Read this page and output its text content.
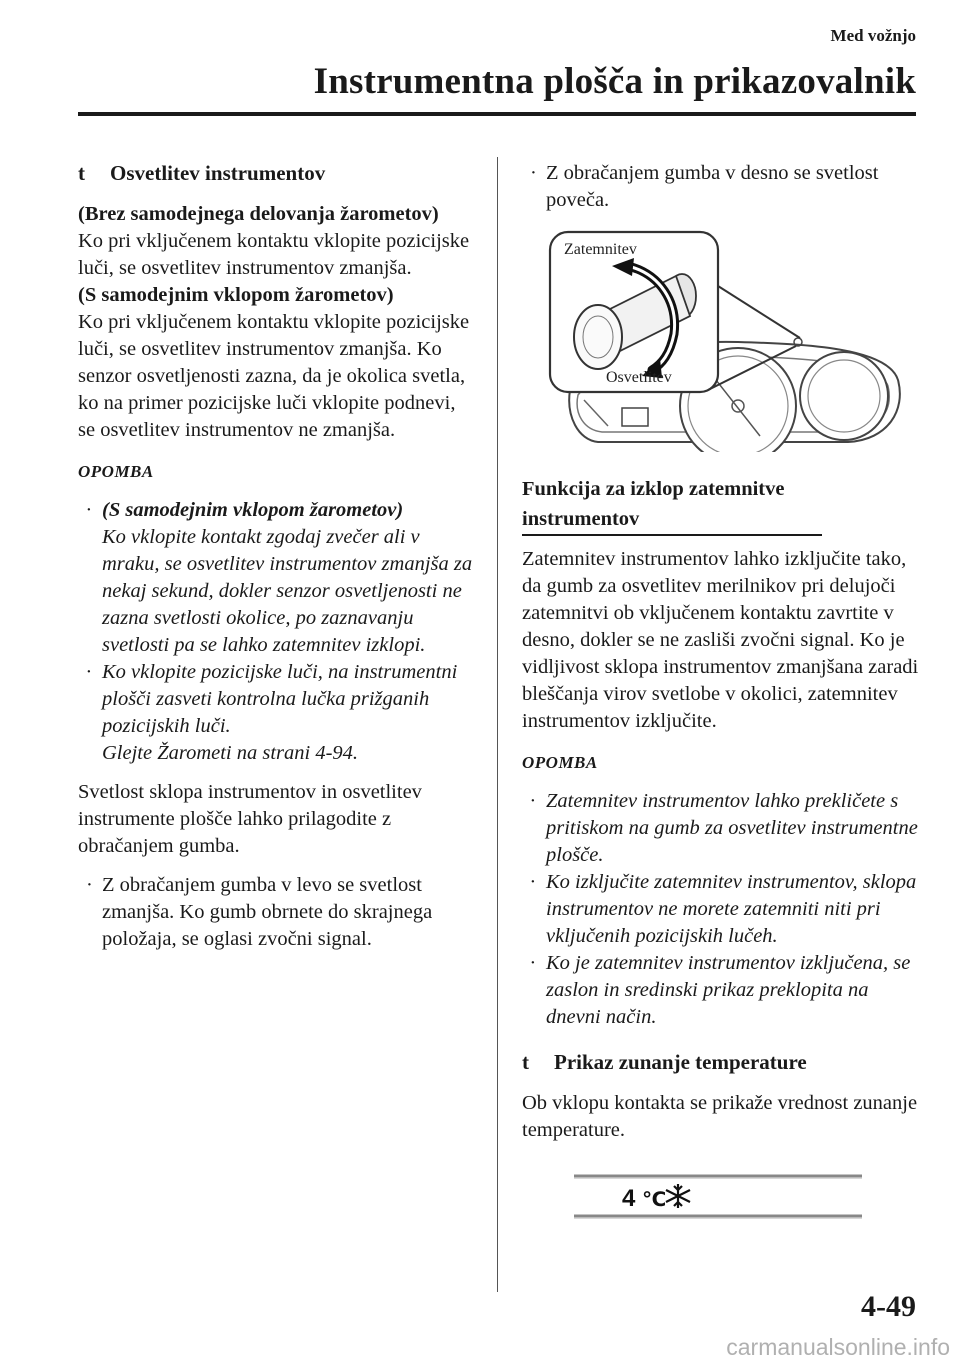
Med vožnjo
Instrumentna plošča in prikazovalnik
t	Osvetlitev instrumentov

(Brez samodejnega delovanja žarometov)

Ko pri vključenem kontaktu vklopite pozicijske luči, se osvetlitev instrumentov zmanjša.

(S samodejnim vklopom žarometov)

Ko pri vključenem kontaktu vklopite pozicijske luči, se osvetlitev instrumentov zmanjša. Ko senzor osvetljenosti zazna, da je okolica svetla, ko na primer pozicijske luči vklopite podnevi, se osvetlitev instrumentov ne zmanjša.

OPOMBA
· (S samodejnim vklopom žarometov)
Ko vklopite kontakt zgodaj zvečer ali v mraku, se osvetlitev instrumentov zmanjša za nekaj sekund, dokler senzor osvetljenosti ne zazna svetlosti okolice, po zaznavanju svetlosti pa se lahko zatemnitev izklopi.
· Ko vklopite pozicijske luči, na instrumentni plošči zasveti kontrolna lučka prižganih pozicijskih luči.
Glejte Žarometi na strani 4-94.

Svetlost sklopa instrumentov in osvetlitev instrumente plošče lahko prilagodite z obračanjem gumba.

· Z obračanjem gumba v levo se svetlost zmanjša. Ko gumb obrnete do skrajnega položaja, se oglasi zvočni signal.
· Z obračanjem gumba v desno se svetlost poveča.
Zatemnitev
Osvetlitev

Funkcija za izklop zatemnitve instrumentov

Zatemnitev instrumentov lahko izključite tako, da gumb za osvetlitev merilnikov pri delujoči zatemnitvi ob vključenem kontaktu zavrtite v desno, dokler se ne zasliši zvočni signal. Ko je vidljivost sklopa instrumentov zmanjšana zaradi bleščanja virov svetlobe v okolici, zatemnitev instrumentov izključite.

OPOMBA
· Zatemnitev instrumentov lahko prekličete s pritiskom na gumb za osvetlitev instrumentne plošče.
· Ko izključite zatemnitev instrumentov, sklopa instrumentov ne morete zatemniti niti pri vključenih pozicijskih lučeh.
· Ko je zatemnitev instrumentov izključena, se zaslon in sredinski prikaz preklopita na dnevni način.
t	Prikaz zunanje temperature

Ob vklopu kontakta se prikaže vrednost zunanje temperature.

4 ℃
4-49
carmanualsonline.info
